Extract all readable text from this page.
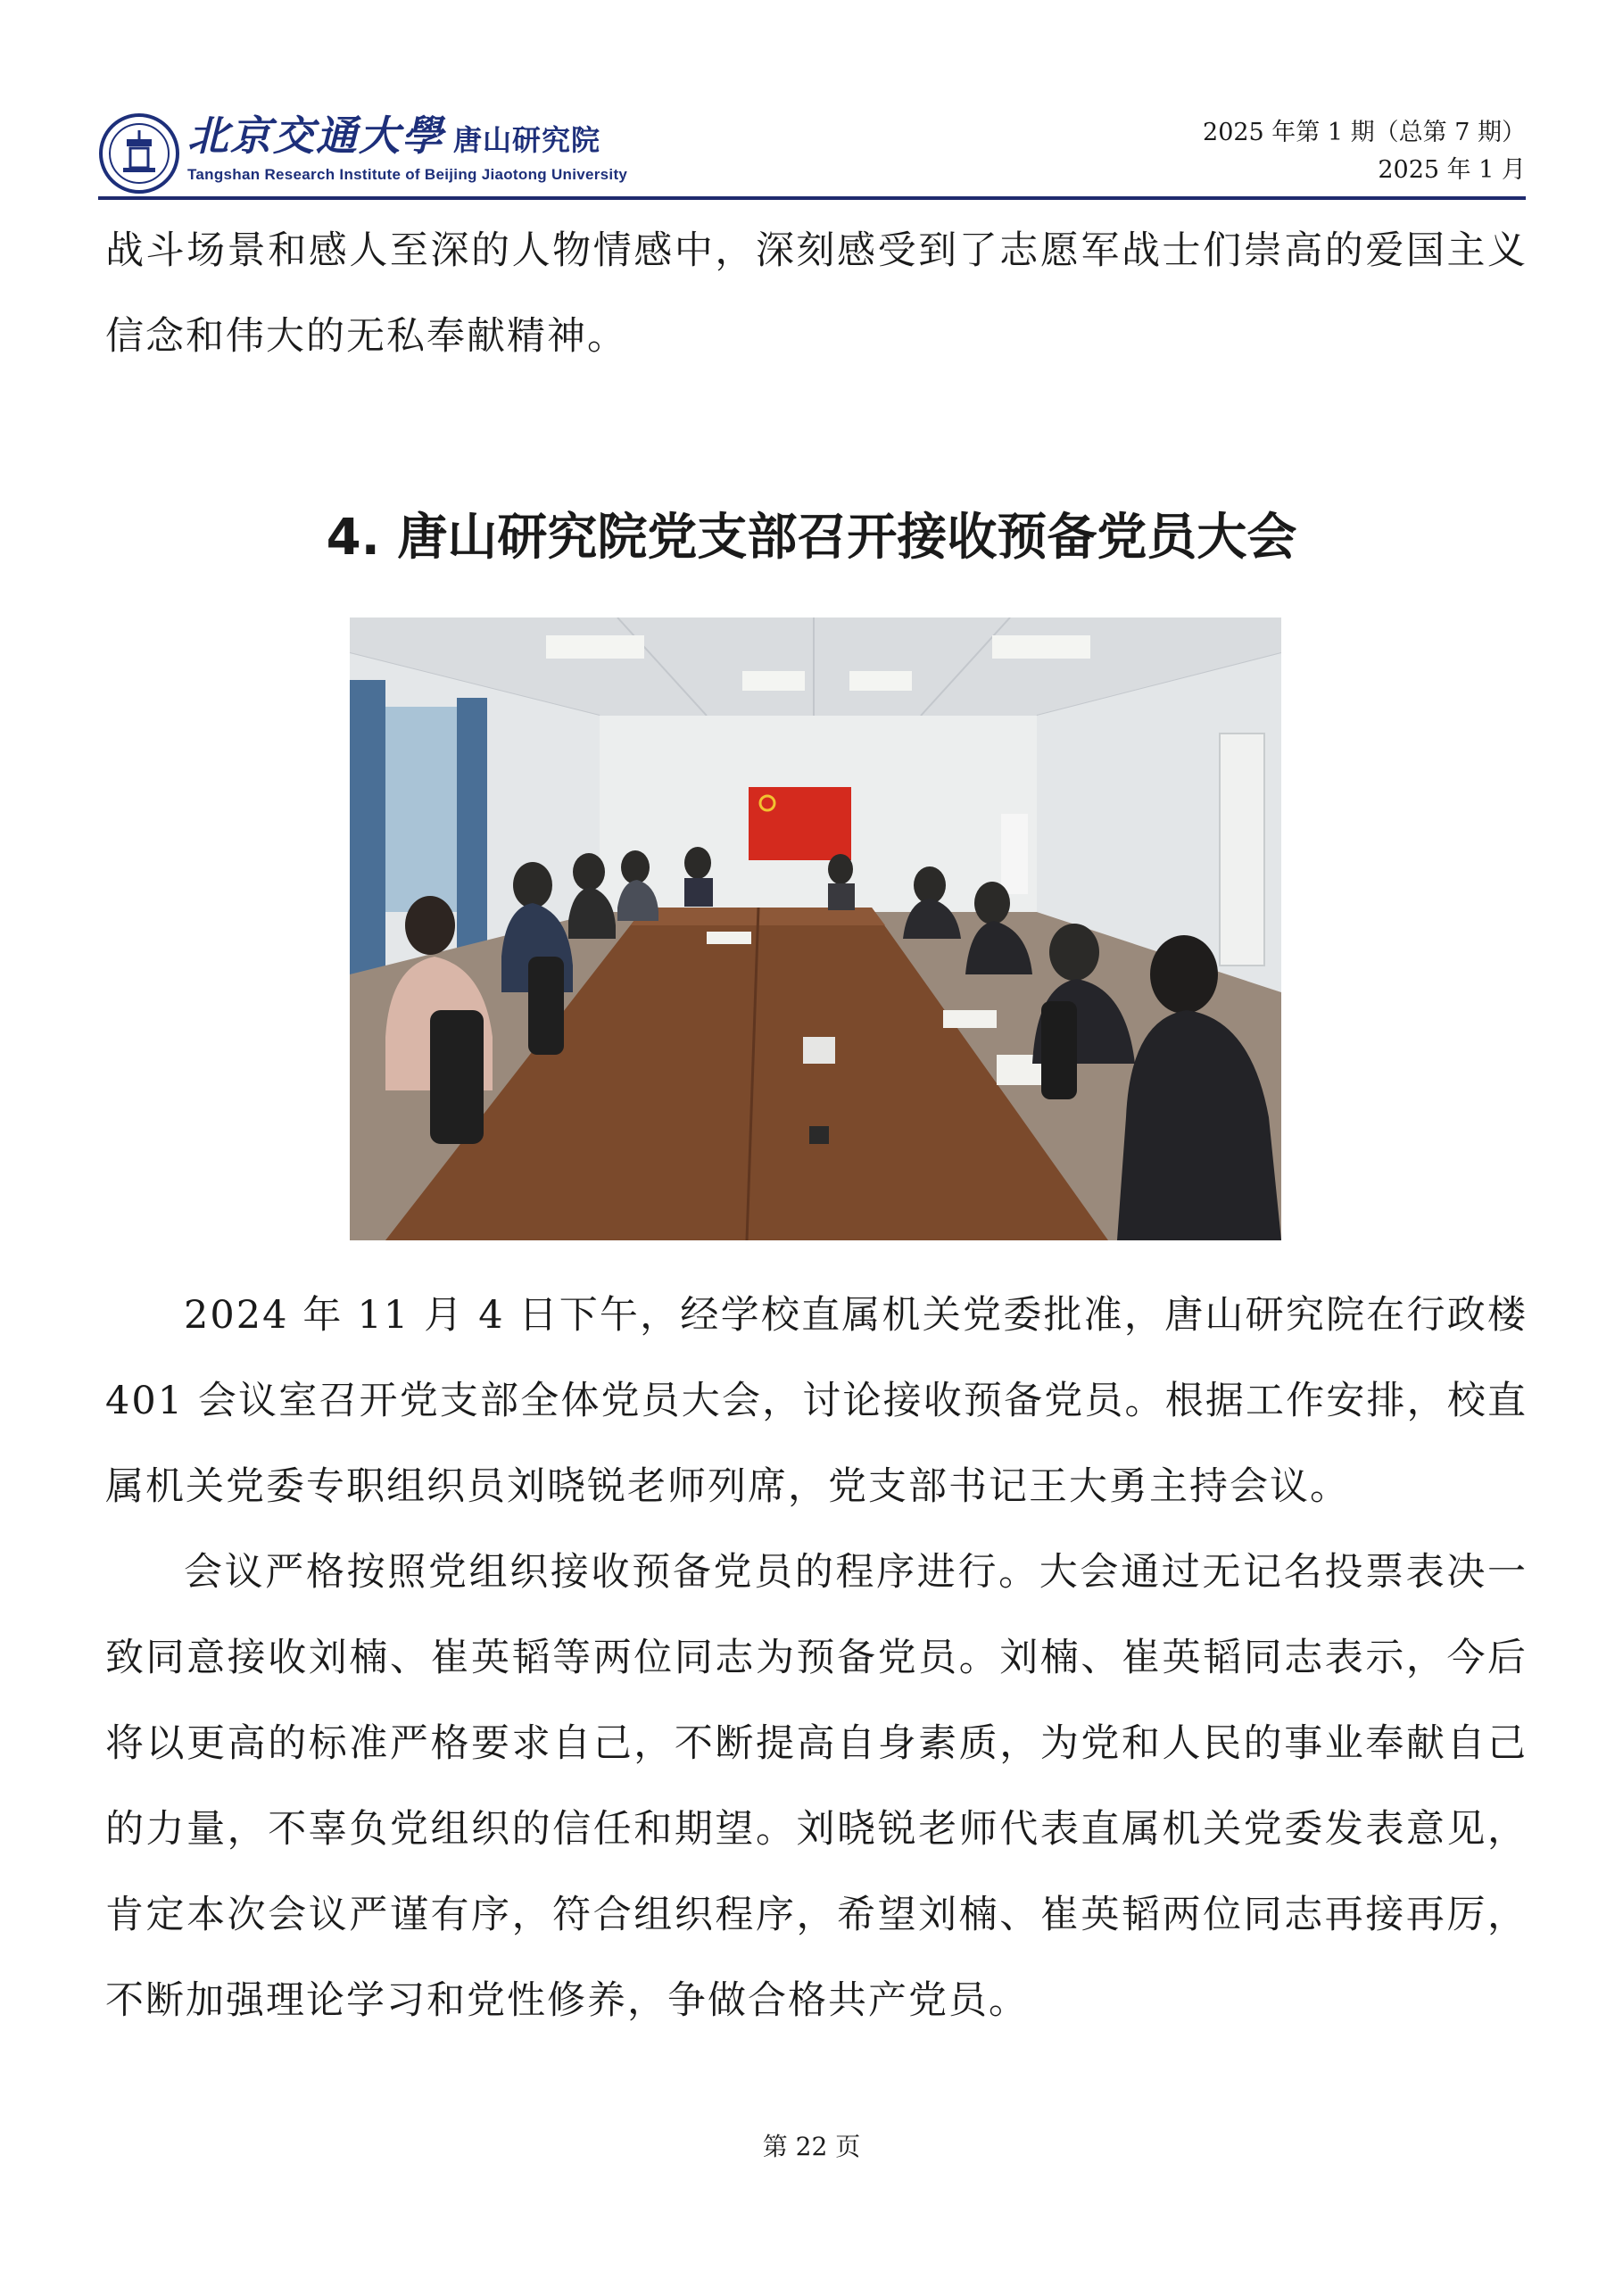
北京交通大學 唐山研究院
Tangshan Research Institute of Beijing Jiaotong University
2025 年第 1 期（总第 7 期）
2025 年 1 月

战斗场景和感人至深的人物情感中，深刻感受到了志愿军战士们崇高的爱国主义信念和伟大的无私奉献精神。

4. 唐山研究院党支部召开接收预备党员大会

2024 年 11 月 4 日下午，经学校直属机关党委批准，唐山研究院在行政楼 401 会议室召开党支部全体党员大会，讨论接收预备党员。根据工作安排，校直属机关党委专职组织员刘晓锐老师列席，党支部书记王大勇主持会议。

会议严格按照党组织接收预备党员的程序进行。大会通过无记名投票表决一致同意接收刘楠、崔英韬等两位同志为预备党员。刘楠、崔英韬同志表示，今后将以更高的标准严格要求自己，不断提高自身素质，为党和人民的事业奉献自己的力量，不辜负党组织的信任和期望。刘晓锐老师代表直属机关党委发表意见，肯定本次会议严谨有序，符合组织程序，希望刘楠、崔英韬两位同志再接再厉，不断加强理论学习和党性修养，争做合格共产党员。

第 22 页
